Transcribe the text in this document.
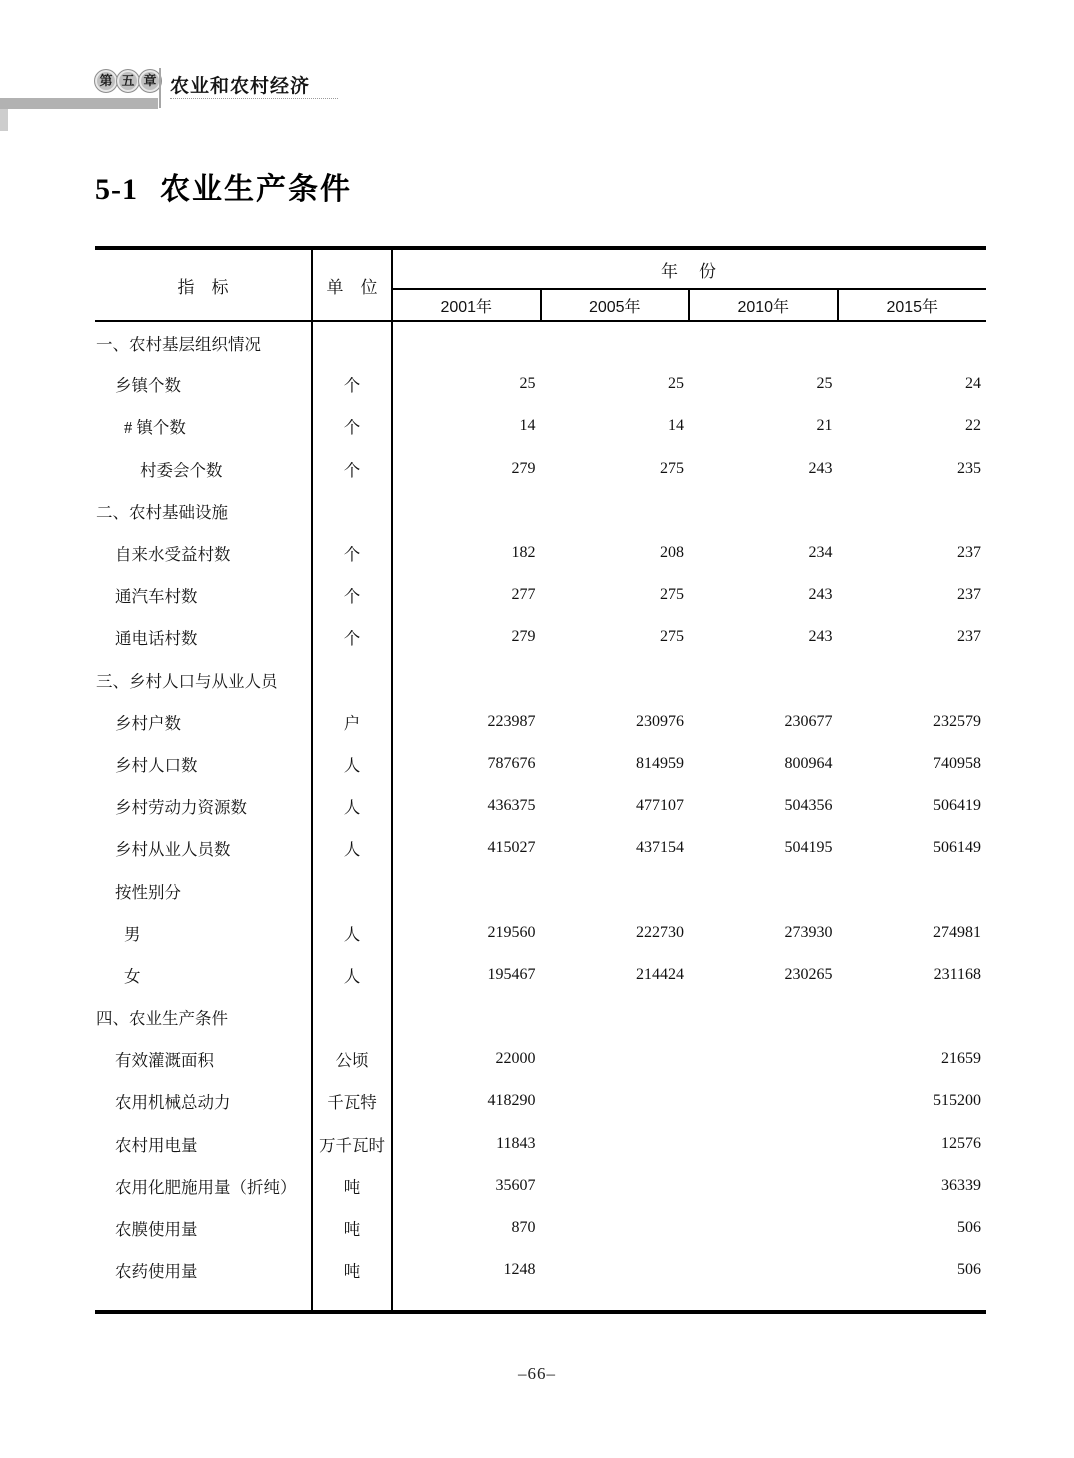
第 五 章 农业和农村经济
5-1 农业生产条件
指　标	单　位	年　份			
		2001年	2005年	2010年	2015年
一、农村基层组织情况					
乡镇个数	个	25	25	25	24
# 镇个数	个	14	14	21	22
村委会个数	个	279	275	243	235
二、农村基础设施					
自来水受益村数	个	182	208	234	237
通汽车村数	个	277	275	243	237
通电话村数	个	279	275	243	237
三、乡村人口与从业人员					
乡村户数	户	223987	230976	230677	232579
乡村人口数	人	787676	814959	800964	740958
乡村劳动力资源数	人	436375	477107	504356	506419
乡村从业人员数	人	415027	437154	504195	506149
按性别分					
男	人	219560	222730	273930	274981
女	人	195467	214424	230265	231168
四、农业生产条件					
有效灌溉面积	公顷	22000			21659
农用机械总动力	千瓦特	418290			515200
农村用电量	万千瓦时	11843			12576
农用化肥施用量（折纯）	吨	35607			36339
农膜使用量	吨	870			506
农药使用量	吨	1248			506

–66–
